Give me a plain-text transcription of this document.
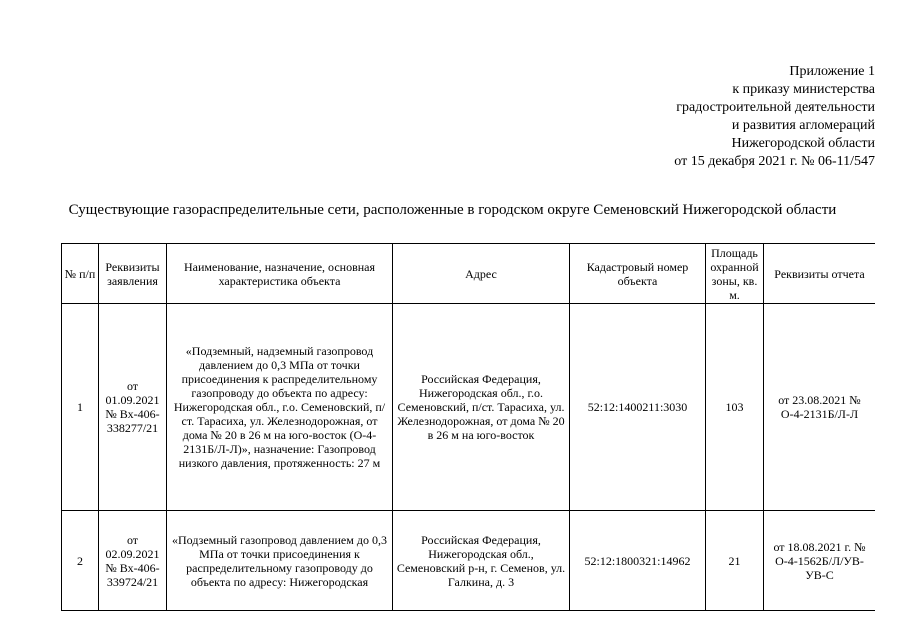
Приложение 1
к приказу министерства
градостроительной деятельности
и развития агломераций
Нижегородской области
от 15 декабря 2021 г. № 06-11/547
Существующие газораспределительные сети, расположенные в городском округе Семеновский Нижегородской области
№ п/п	Реквизиты заявления	Наименование, назначение, основная характеристика объекта	Адрес	Кадастровый номер объекта	Площадь охранной зоны, кв. м.	Реквизиты отчета

1	от 01.09.2021 № Вх-406-338277/21	«Подземный, надземный газопровод давлением до 0,3 МПа от точки присоединения к распределительному газопроводу до объекта по адресу: Нижегородская обл., г.о. Семеновский, п/ст. Тарасиха, ул. Железнодорожная, от дома № 20 в 26 м на юго-восток (О-4-2131Б/Л-Л)», назначение: Газопровод низкого давления, протяженность: 27 м	Российская Федерация, Нижегородская обл., г.о. Семеновский, п/ст. Тарасиха, ул. Железнодорожная, от дома № 20 в 26 м на юго-восток	52:12:1400211:3030	103	от 23.08.2021 № О-4-2131Б/Л-Л

2	от 02.09.2021 № Вх-406-339724/21	«Подземный газопровод давлением до 0,3 МПа от точки присоединения к распределительному газопроводу до объекта по адресу: Нижегородская	Российская Федерация, Нижегородская обл., Семеновский р-н, г. Семенов, ул. Галкина, д. 3	52:12:1800321:14962	21	от 18.08.2021 г. № О-4-1562Б/Л/УВ-УВ-С
